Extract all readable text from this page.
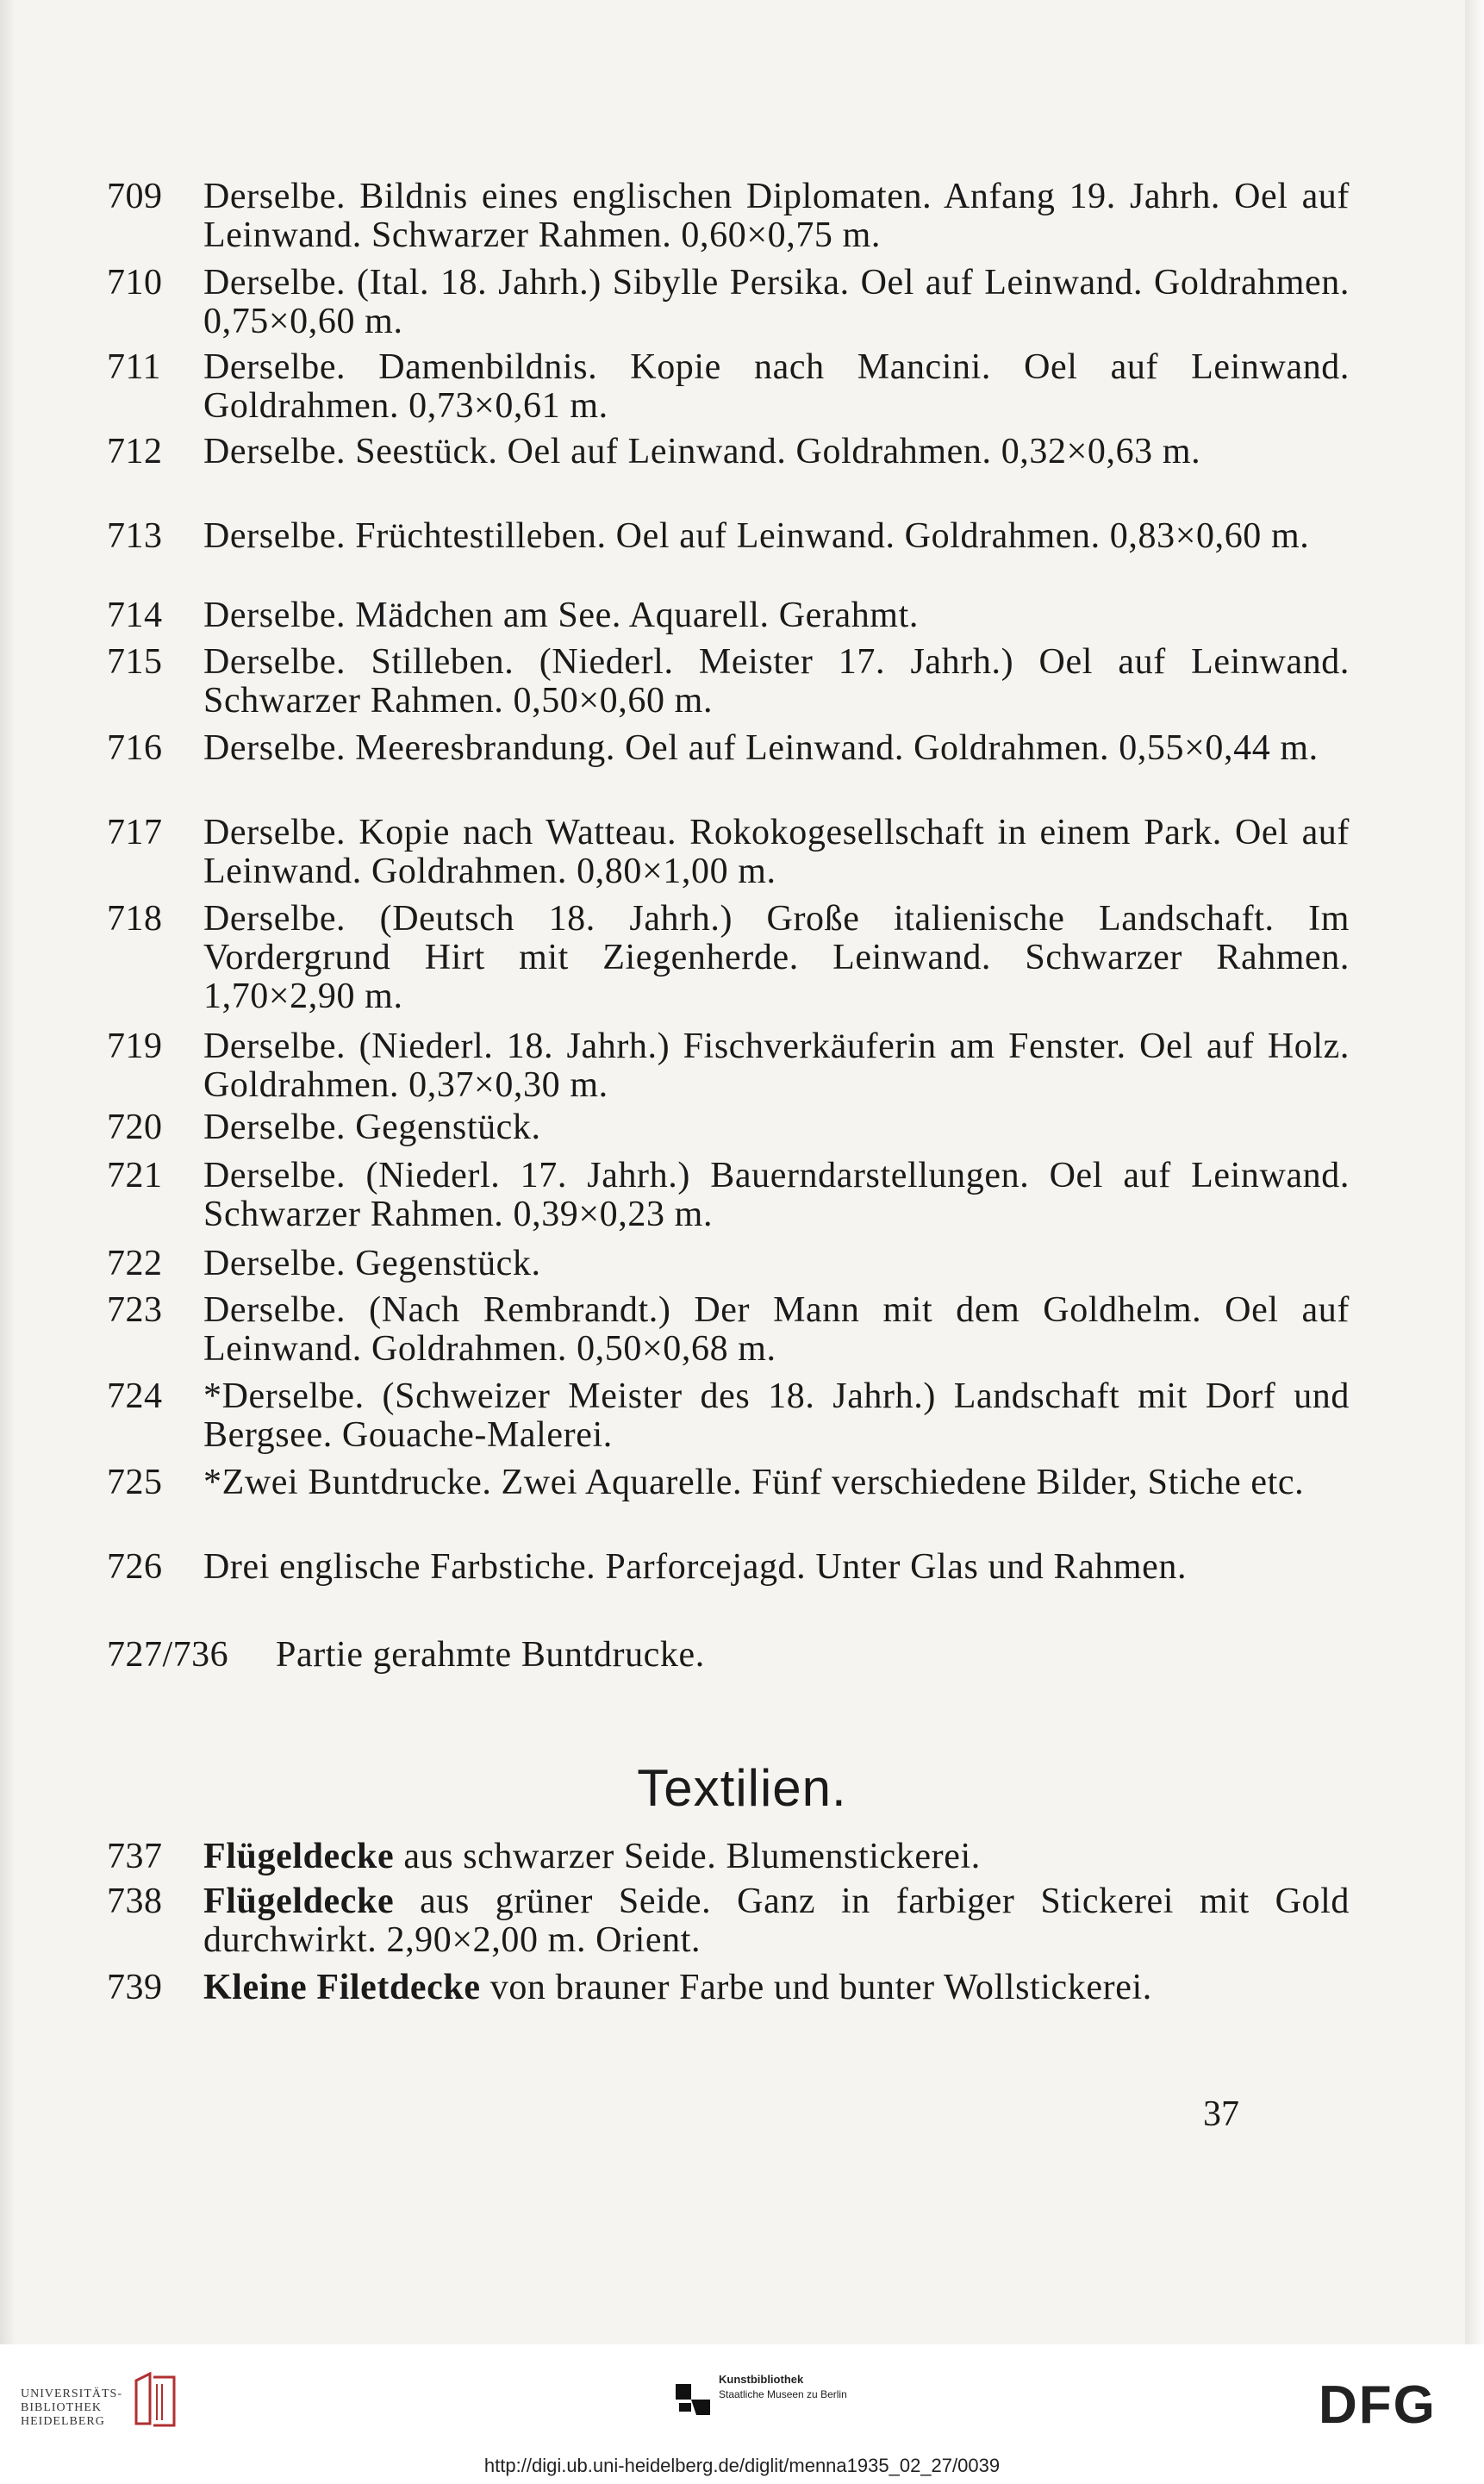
709	Derselbe. Bildnis eines englischen Diplomaten. Anfang 19. Jahrh. Oel auf Leinwand. Schwarzer Rahmen. 0,60×0,75 m.
710	Derselbe. (Ital. 18. Jahrh.) Sibylle Persika. Oel auf Leinwand. Goldrahmen. 0,75×0,60 m.
711	Derselbe. Damenbildnis. Kopie nach Mancini. Oel auf Leinwand. Goldrahmen. 0,73×0,61 m.
712	Derselbe. Seestück. Oel auf Leinwand. Goldrahmen. 0,32×0,63 m.
713	Derselbe. Früchtestilleben. Oel auf Leinwand. Goldrahmen. 0,83×0,60 m.
714	Derselbe. Mädchen am See. Aquarell. Gerahmt.
715	Derselbe. Stilleben. (Niederl. Meister 17. Jahrh.) Oel auf Leinwand. Schwarzer Rahmen. 0,50×0,60 m.
716	Derselbe. Meeresbrandung. Oel auf Leinwand. Goldrahmen. 0,55×0,44 m.
717	Derselbe. Kopie nach Watteau. Rokokogesellschaft in einem Park. Oel auf Leinwand. Goldrahmen. 0,80×1,00 m.
718	Derselbe. (Deutsch 18. Jahrh.) Große italienische Landschaft. Im Vordergrund Hirt mit Ziegenherde. Leinwand. Schwarzer Rahmen. 1,70×2,90 m.
719	Derselbe. (Niederl. 18. Jahrh.) Fischverkäuferin am Fenster. Oel auf Holz. Goldrahmen. 0,37×0,30 m.
720	Derselbe. Gegenstück.
721	Derselbe. (Niederl. 17. Jahrh.) Bauerndarstellungen. Oel auf Leinwand. Schwarzer Rahmen. 0,39×0,23 m.
722	Derselbe. Gegenstück.
723	Derselbe. (Nach Rembrandt.) Der Mann mit dem Goldhelm. Oel auf Leinwand. Goldrahmen. 0,50×0,68 m.
724	*Derselbe. (Schweizer Meister des 18. Jahrh.) Landschaft mit Dorf und Bergsee. Gouache-Malerei.
725	*Zwei Buntdrucke. Zwei Aquarelle. Fünf verschiedene Bilder, Stiche etc.
726	Drei englische Farbstiche. Parforcejagd. Unter Glas und Rahmen.
727/736	Partie gerahmte Buntdrucke.
Textilien.
737	Flügeldecke aus schwarzer Seide. Blumenstickerei.
738	Flügeldecke aus grüner Seide. Ganz in farbiger Stickerei mit Gold durchwirkt. 2,90×2,00 m. Orient.
739	Kleine Filetdecke von brauner Farbe und bunter Wollstickerei.
37
UNIVERSITÄTS-
BIBLIOTHEK
HEIDELBERG
Kunstbibliothek
Staatliche Museen zu Berlin	DFG
http://digi.ub.uni-heidelberg.de/diglit/menna1935_02_27/0039
